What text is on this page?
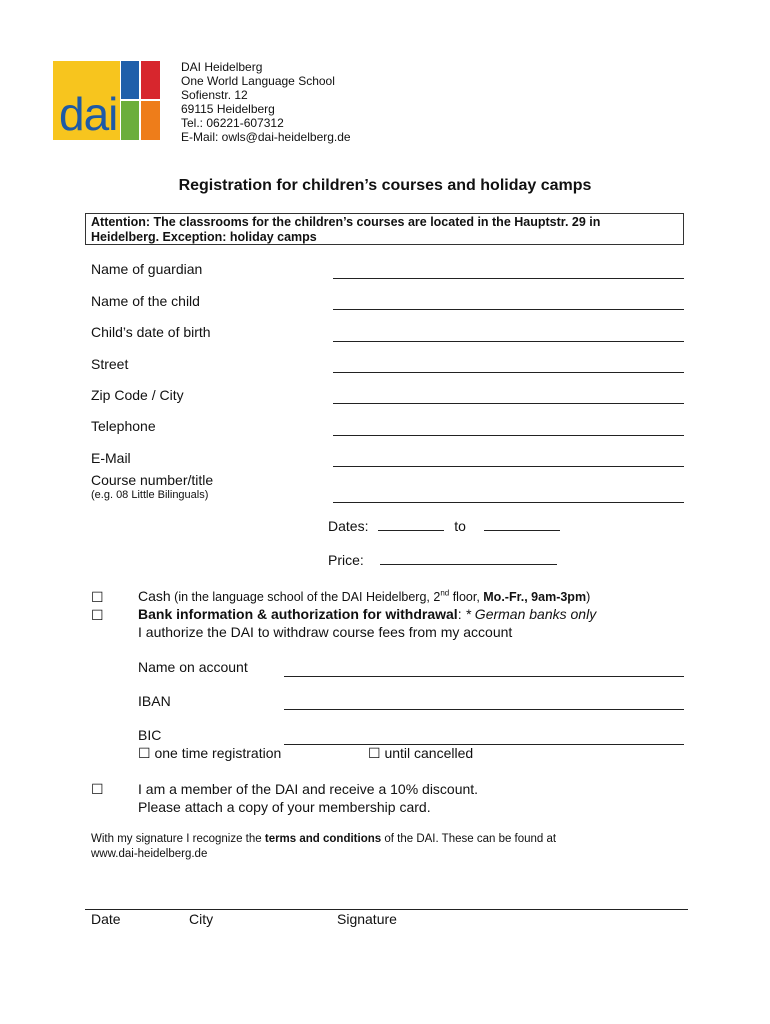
dai
DAI Heidelberg
One World Language School
Sofienstr. 12
69115 Heidelberg
Tel.: 06221-607312
E-Mail: owls@dai-heidelberg.de
Registration for children’s courses and holiday camps
Attention: The classrooms for the children’s courses are located in the Hauptstr. 29 in
Heidelberg. Exception: holiday camps
Name of guardian
Name of the child
Child’s date of birth
Street
Zip Code / City
Telephone
E-Mail
Course number/title
(e.g. 08 Little Bilinguals)
Dates:	to
Price:
☐ Cash (in the language school of the DAI Heidelberg, 2nd floor, Mo.-Fr., 9am-3pm)
☐ Bank information & authorization for withdrawal: * German banks only
I authorize the DAI to withdraw course fees from my account
Name on account
IBAN
BIC
☐ one time registration	☐ until cancelled
☐ I am a member of the DAI and receive a 10% discount.
Please attach a copy of your membership card.
With my signature I recognize the terms and conditions of the DAI. These can be found at
www.dai-heidelberg.de
Date	City	Signature
